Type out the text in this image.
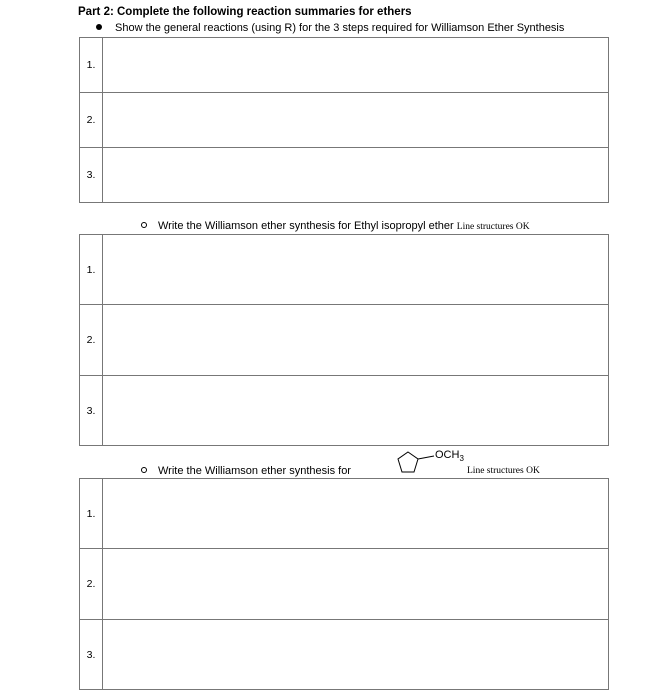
Part 2: Complete the following reaction summaries for ethers
Show the general reactions (using R) for the 3 steps required for Williamson Ether Synthesis
1.	
2.	
3.	
Write the Williamson ether synthesis for Ethyl isopropyl ether Line structures OK
1.	
2.	
3.	
Write the Williamson ether synthesis for
$OCH_3$
Line structures OK
1.	
2.	
3.	
